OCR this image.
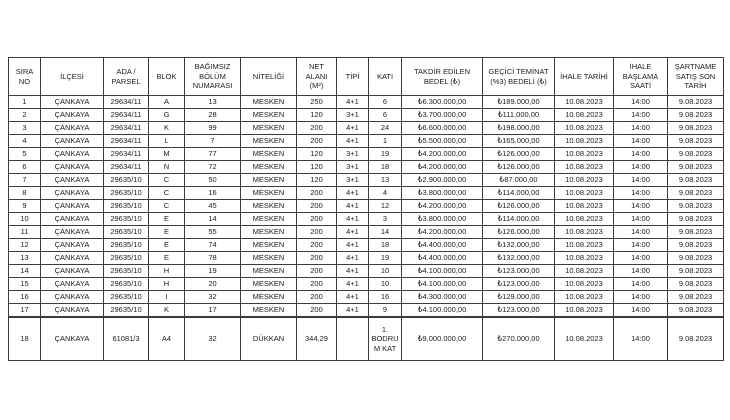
SIRA NO	İLÇESİ	ADA / PARSEL	BLOK	BAĞIMSIZ BÖLÜM NUMARASI	NİTELİĞİ	NET ALANI (M²)	TİPİ	KATI	TAKDİR EDİLEN BEDEL (₺)	GEÇİCİ TEMİNAT (%3) BEDELİ (₺)	İHALE TARİHİ	İHALE BAŞLAMA SAATİ	ŞARTNAME SATIŞ SON TARİH
1	ÇANKAYA	29634/11	A	13	MESKEN	250	4+1	6	₺6.300.000,00	₺189.000,00	10.08.2023	14:00	9.08.2023
2	ÇANKAYA	29634/11	G	28	MESKEN	120	3+1	6	₺3.700.000,00	₺111.000,00	10.08.2023	14:00	9.08.2023
3	ÇANKAYA	29634/11	K	99	MESKEN	200	4+1	24	₺6.600.000,00	₺198.000,00	10.08.2023	14:00	9.08.2023
4	ÇANKAYA	29634/11	L	7	MESKEN	200	4+1	1	₺5.500.000,00	₺165.000,00	10.08.2023	14:00	9.08.2023
5	ÇANKAYA	29634/11	M	77	MESKEN	120	3+1	19	₺4.200.000,00	₺126.000,00	10.08.2023	14:00	9.08.2023
6	ÇANKAYA	29634/11	N	72	MESKEN	120	3+1	18	₺4.200.000,00	₺126.000,00	10.08.2023	14:00	9.08.2023
7	ÇANKAYA	29635/10	C	50	MESKEN	120	3+1	13	₺2.900.000,00	₺87.000,00	10.08.2023	14:00	9.08.2023
8	ÇANKAYA	29635/10	C	16	MESKEN	200	4+1	4	₺3.800.000,00	₺114.000,00	10.08.2023	14:00	9.08.2023
9	ÇANKAYA	29635/10	C	45	MESKEN	200	4+1	12	₺4.200.000,00	₺126.000,00	10.08.2023	14:00	9.08.2023
10	ÇANKAYA	29635/10	E	14	MESKEN	200	4+1	3	₺3.800.000,00	₺114.000,00	10.08.2023	14:00	9.08.2023
11	ÇANKAYA	29635/10	E	55	MESKEN	200	4+1	14	₺4.200.000,00	₺126.000,00	10.08.2023	14:00	9.08.2023
12	ÇANKAYA	29635/10	E	74	MESKEN	200	4+1	18	₺4.400.000,00	₺132.000,00	10.08.2023	14:00	9.08.2023
13	ÇANKAYA	29635/10	E	78	MESKEN	200	4+1	19	₺4.400.000,00	₺132.000,00	10.08.2023	14:00	9.08.2023
14	ÇANKAYA	29635/10	H	19	MESKEN	200	4+1	10	₺4.100.000,00	₺123.000,00	10.08.2023	14:00	9.08.2023
15	ÇANKAYA	29635/10	H	20	MESKEN	200	4+1	10	₺4.100.000,00	₺123.000,00	10.08.2023	14:00	9.08.2023
16	ÇANKAYA	29635/10	I	32	MESKEN	200	4+1	16	₺4.300.000,00	₺129.000,00	10.08.2023	14:00	9.08.2023
17	ÇANKAYA	29635/10	K	17	MESKEN	200	4+1	9	₺4.100.000,00	₺123.000,00	10.08.2023	14:00	9.08.2023
18	ÇANKAYA	61081/3	A4	32	DÜKKAN	344,29		1. BODRUM KAT	₺9.000.000,00	₺270.000,00	10.08.2023	14:00	9.08.2023
